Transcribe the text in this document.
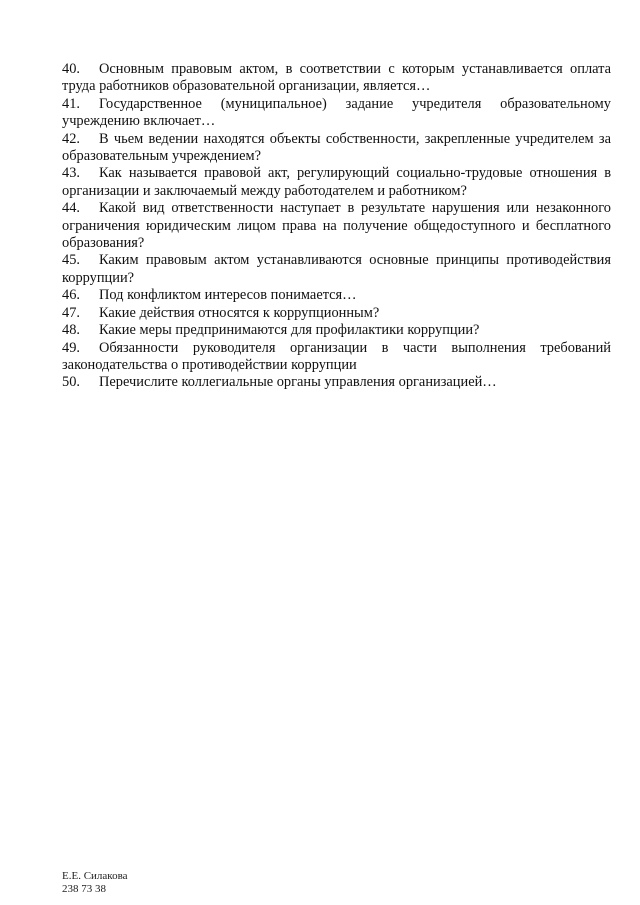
40. Основным правовым актом, в соответствии с которым устанавливается оплата труда работников образовательной организации, является…

41. Государственное (муниципальное) задание учредителя образовательному учреждению включает…

42. В чьем ведении находятся объекты собственности, закрепленные учредителем за образовательным учреждением?

43. Как называется правовой акт, регулирующий социально-трудовые отношения в организации и заключаемый между работодателем и работником?

44. Какой вид ответственности наступает в результате нарушения или незаконного ограничения юридическим лицом права на получение общедоступного и бесплатного образования?

45. Каким правовым актом устанавливаются основные принципы противодействия коррупции?

46. Под конфликтом интересов понимается…

47. Какие действия относятся к коррупционным?

48. Какие меры предпринимаются для профилактики коррупции?

49. Обязанности руководителя организации в части выполнения требований законодательства о противодействии коррупции

50. Перечислите коллегиальные органы управления организацией…

Е.Е. Силакова
238 73 38
